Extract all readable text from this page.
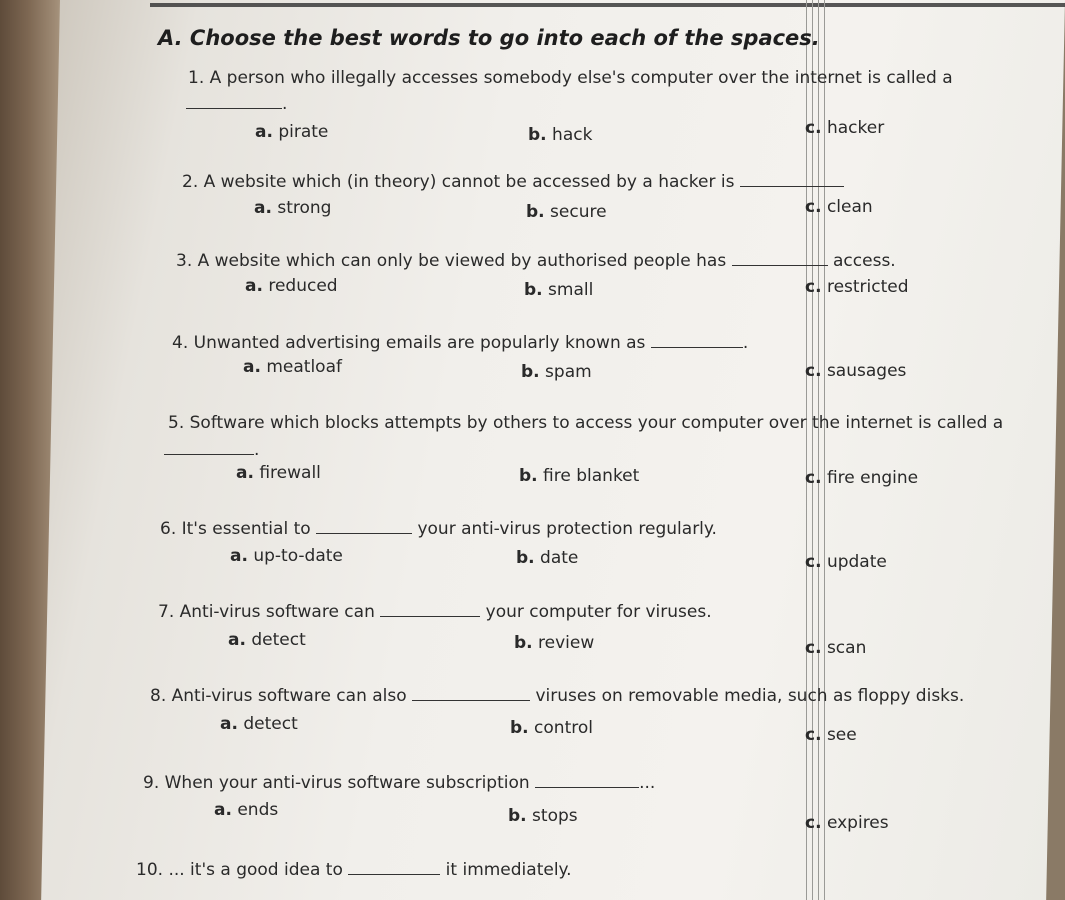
A. Choose the best words to go into each of the spaces.
1. A person who illegally accesses somebody else's computer over the internet is called a
.
a. pirate	b. hack	c. hacker
2. A website which (in theory) cannot be accessed by a hacker is
a. strong	b. secure	c. clean
3. A website which can only be viewed by authorised people has	access.
a. reduced	b. small	c. restricted
4. Unwanted advertising emails are popularly known as	.
a. meatloaf	b. spam	c. sausages
5. Software which blocks attempts by others to access your computer over the internet is called a
.
a. firewall	b. fire blanket	c. fire engine
6. It's essential to	your anti-virus protection regularly.
a. up-to-date	b. date	c. update
7. Anti-virus software can	your computer for viruses.
a. detect	b. review	c. scan
8. Anti-virus software can also	viruses on removable media, such as floppy disks.
a. detect	b. control	c. see
9. When your anti-virus software subscription	...
a. ends	b. stops	c. expires
10. ... it's a good idea to	it immediately.
